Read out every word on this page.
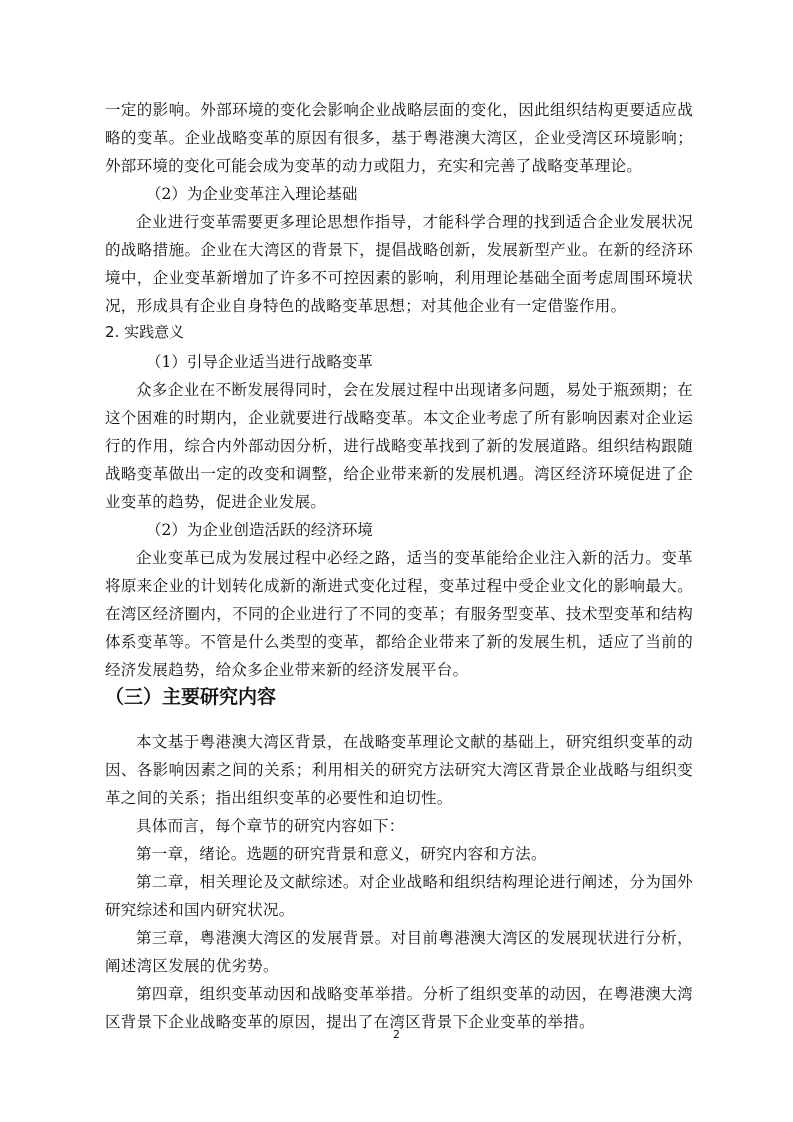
一定的影响。外部环境的变化会影响企业战略层面的变化，因此组织结构更要适应战略的变革。企业战略变革的原因有很多，基于粤港澳大湾区，企业受湾区环境影响；外部环境的变化可能会成为变革的动力或阻力，充实和完善了战略变革理论。

（2）为企业变革注入理论基础

企业进行变革需要更多理论思想作指导，才能科学合理的找到适合企业发展状况的战略措施。企业在大湾区的背景下，提倡战略创新，发展新型产业。在新的经济环境中，企业变革新增加了许多不可控因素的影响，利用理论基础全面考虑周围环境状况，形成具有企业自身特色的战略变革思想；对其他企业有一定借鉴作用。

2. 实践意义

（1）引导企业适当进行战略变革

众多企业在不断发展得同时，会在发展过程中出现诸多问题，易处于瓶颈期；在这个困难的时期内，企业就要进行战略变革。本文企业考虑了所有影响因素对企业运行的作用，综合内外部动因分析，进行战略变革找到了新的发展道路。组织结构跟随战略变革做出一定的改变和调整，给企业带来新的发展机遇。湾区经济环境促进了企业变革的趋势，促进企业发展。

（2）为企业创造活跃的经济环境

企业变革已成为发展过程中必经之路，适当的变革能给企业注入新的活力。变革将原来企业的计划转化成新的渐进式变化过程，变革过程中受企业文化的影响最大。在湾区经济圈内，不同的企业进行了不同的变革；有服务型变革、技术型变革和结构体系变革等。不管是什么类型的变革，都给企业带来了新的发展生机，适应了当前的经济发展趋势，给众多企业带来新的经济发展平台。

（三）主要研究内容

本文基于粤港澳大湾区背景，在战略变革理论文献的基础上，研究组织变革的动因、各影响因素之间的关系；利用相关的研究方法研究大湾区背景企业战略与组织变革之间的关系；指出组织变革的必要性和迫切性。

具体而言，每个章节的研究内容如下：

第一章，绪论。选题的研究背景和意义，研究内容和方法。

第二章，相关理论及文献综述。对企业战略和组织结构理论进行阐述，分为国外研究综述和国内研究状况。

第三章，粤港澳大湾区的发展背景。对目前粤港澳大湾区的发展现状进行分析，阐述湾区发展的优劣势。

第四章，组织变革动因和战略变革举措。分析了组织变革的动因，在粤港澳大湾区背景下企业战略变革的原因，提出了在湾区背景下企业变革的举措。

2
